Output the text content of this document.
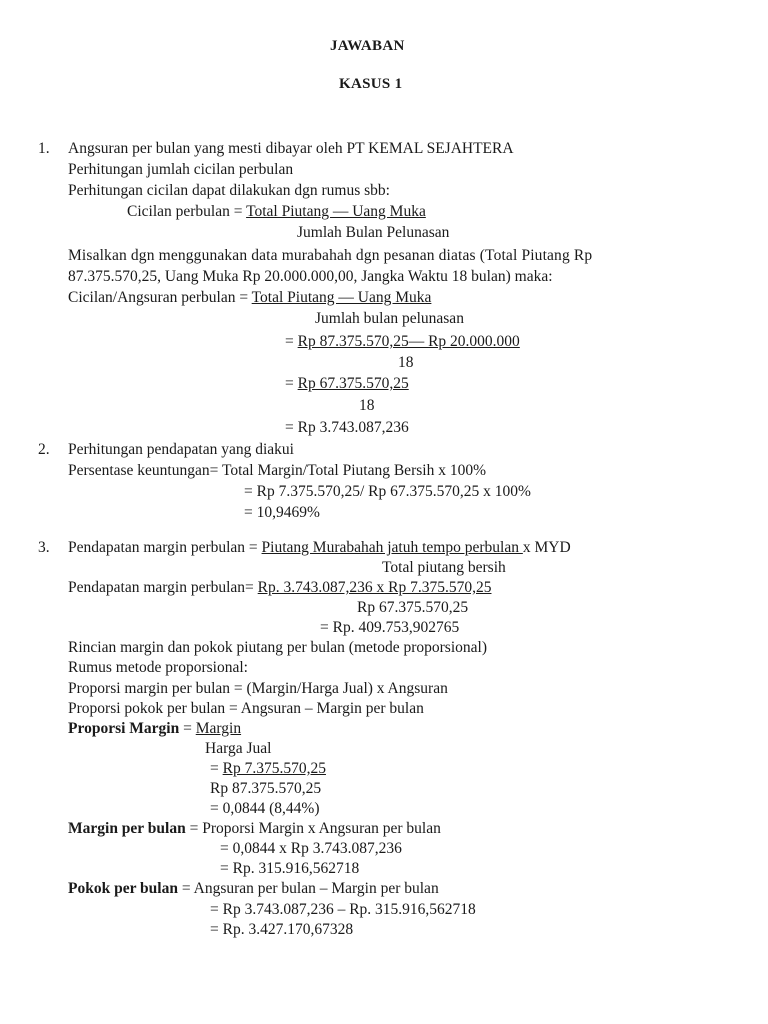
JAWABAN
KASUS 1
1. Angsuran per bulan yang mesti dibayar oleh PT KEMAL SEJAHTERA
Perhitungan jumlah cicilan perbulan
Perhitungan cicilan dapat dilakukan dgn rumus sbb:
Cicilan perbulan = Total Piutang — Uang Muka
Jumlah Bulan Pelunasan
Misalkan dgn menggunakan data murabahah dgn pesanan diatas (Total Piutang Rp
87.375.570,25, Uang Muka Rp 20.000.000,00, Jangka Waktu 18 bulan) maka:
Cicilan/Angsuran perbulan = Total Piutang — Uang Muka
Jumlah bulan pelunasan
= Rp 87.375.570,25— Rp 20.000.000
18
= Rp 67.375.570,25
18
= Rp 3.743.087,236
2. Perhitungan pendapatan yang diakui
Persentase keuntungan= Total Margin/Total Piutang Bersih x 100%
= Rp 7.375.570,25/ Rp 67.375.570,25 x 100%
= 10,9469%
3. Pendapatan margin perbulan = Piutang Murabahah jatuh tempo perbulan x MYD
Total piutang bersih
Pendapatan margin perbulan= Rp. 3.743.087,236 x Rp 7.375.570,25
Rp 67.375.570,25
= Rp. 409.753,902765
Rincian margin dan pokok piutang per bulan (metode proporsional)
Rumus metode proporsional:
Proporsi margin per bulan = (Margin/Harga Jual) x Angsuran
Proporsi pokok per bulan = Angsuran – Margin per bulan
Proporsi Margin = Margin
Harga Jual
= Rp 7.375.570,25
Rp 87.375.570,25
= 0,0844 (8,44%)
Margin per bulan = Proporsi Margin x Angsuran per bulan
= 0,0844 x Rp 3.743.087,236
= Rp. 315.916,562718
Pokok per bulan = Angsuran per bulan – Margin per bulan
= Rp 3.743.087,236 – Rp. 315.916,562718
= Rp. 3.427.170,67328
